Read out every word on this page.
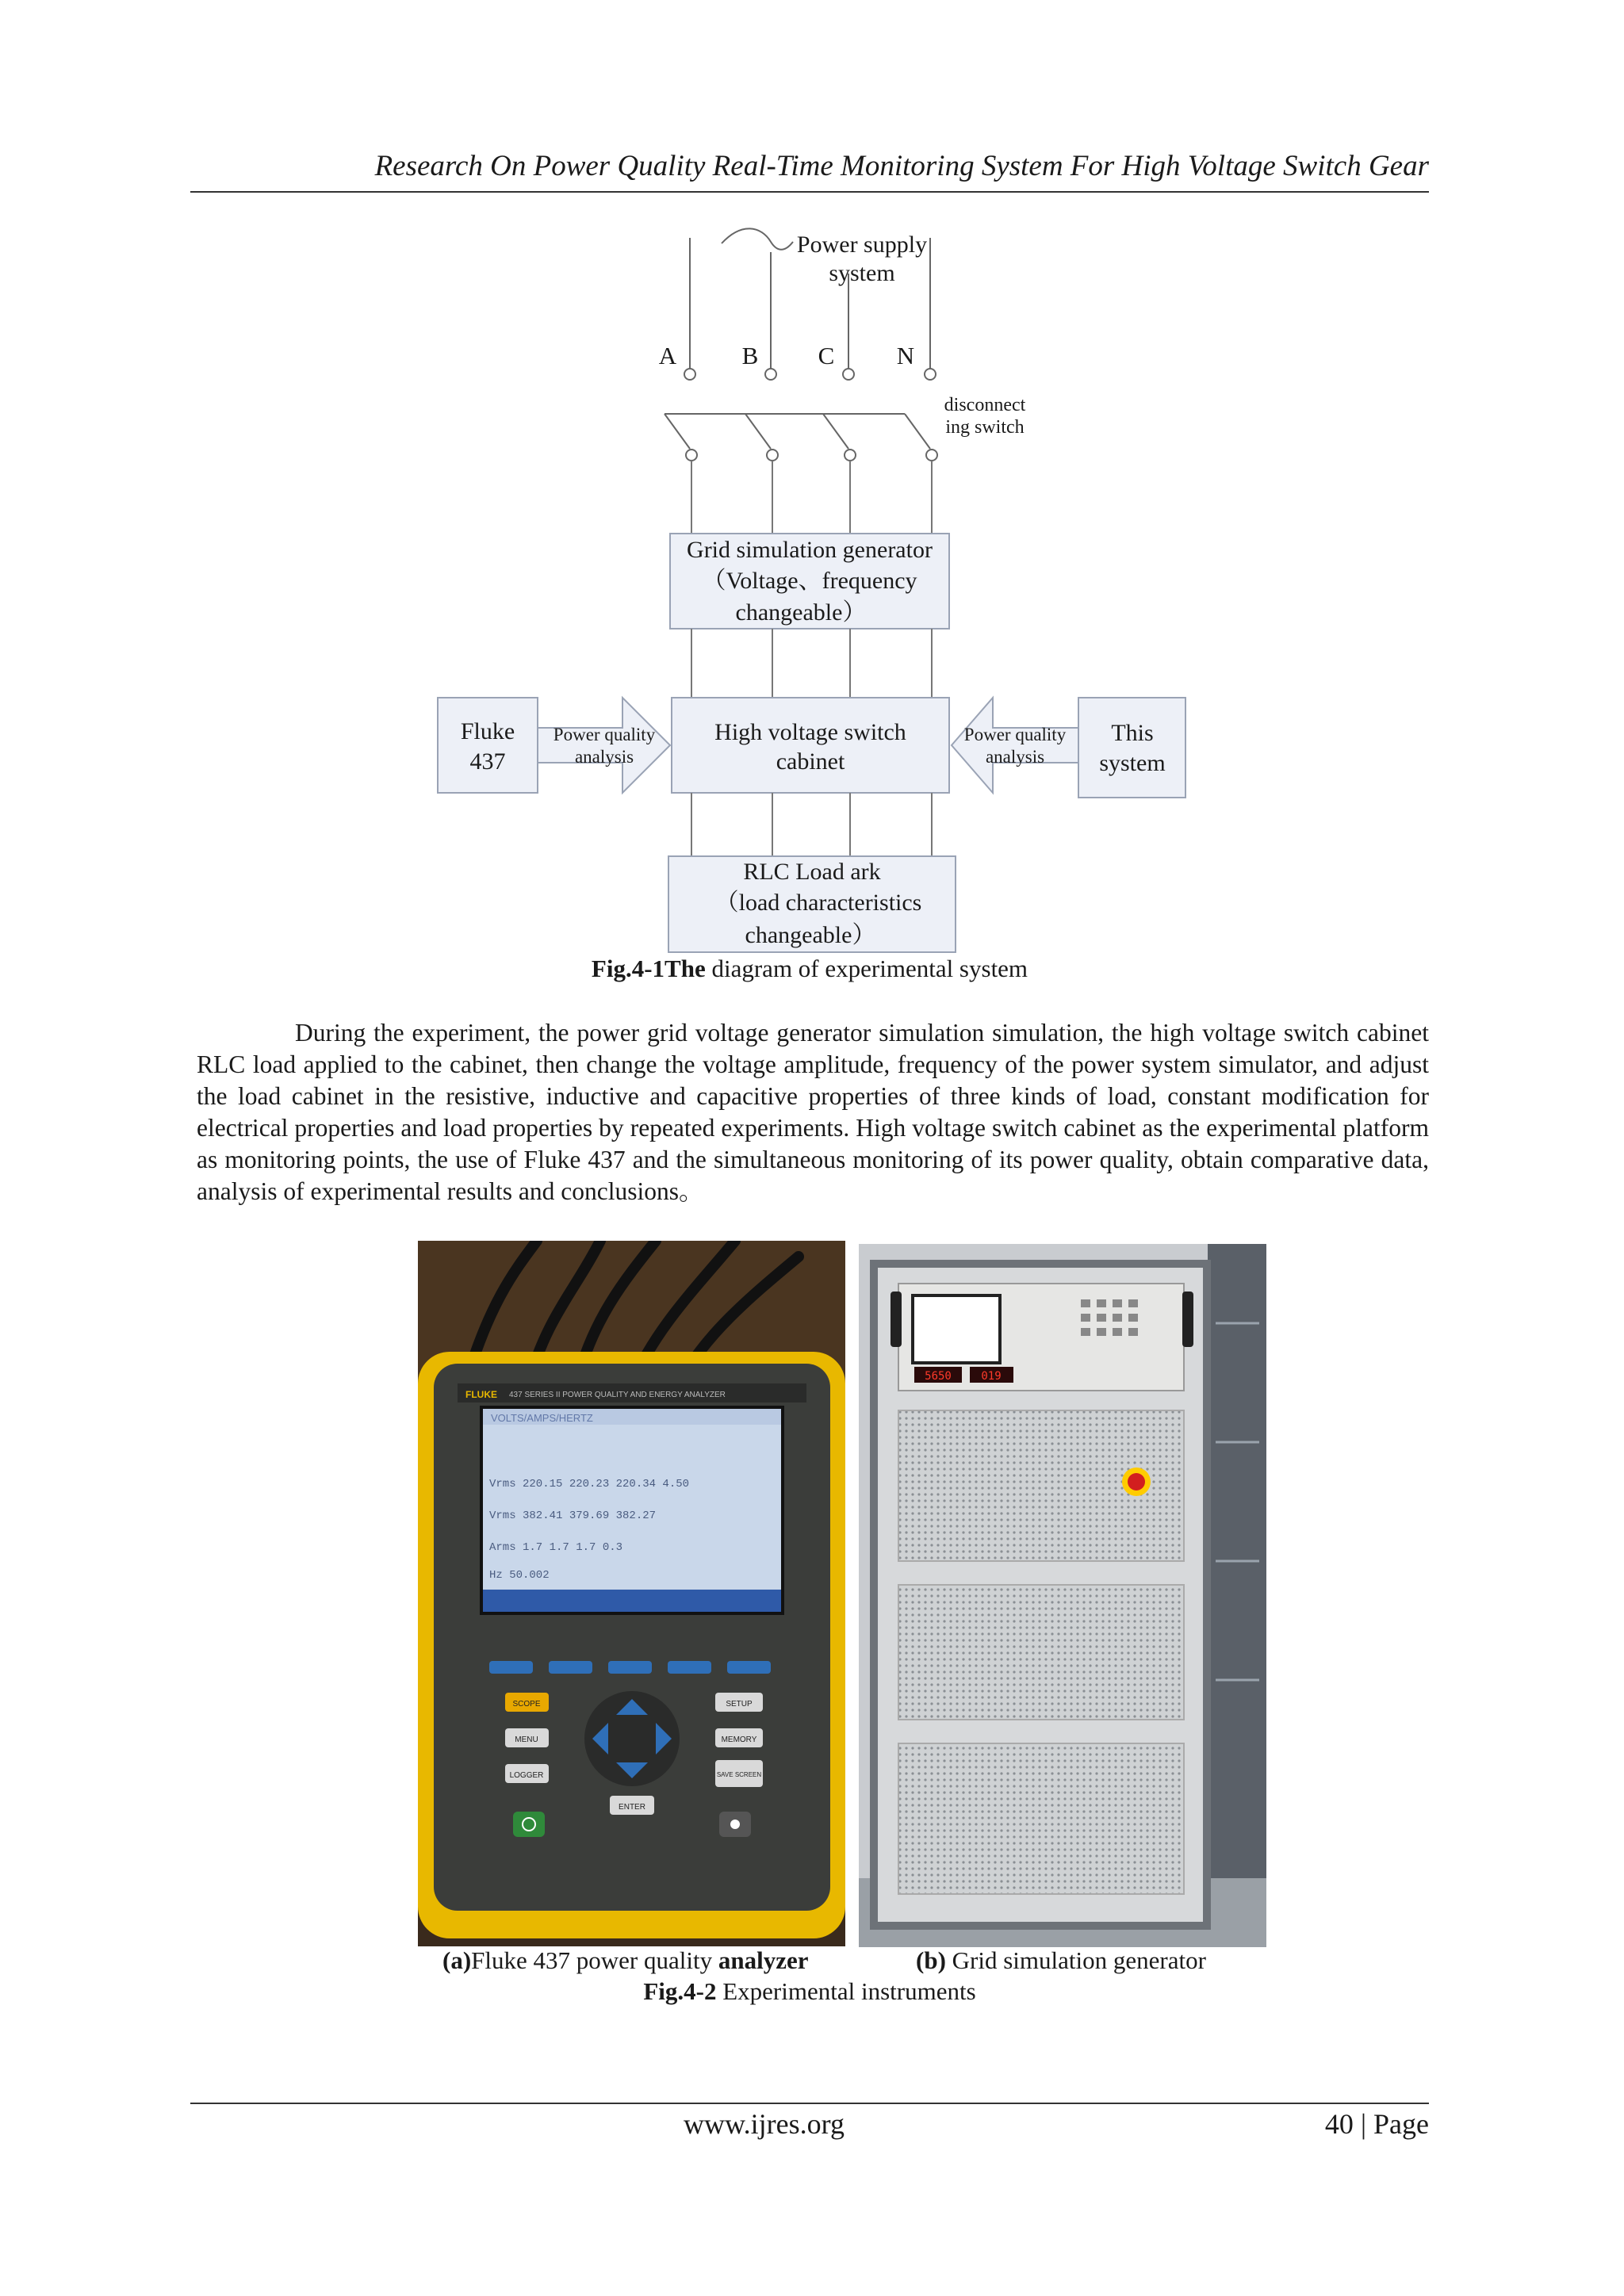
Research On Power Quality Real-Time Monitoring System For High Voltage Switch Gear
Power supply
system
A	B C	N
disconnect
ing switch
Grid simulation generator
（Voltage、frequency
changeable）
High voltage switch
cabinet
RLC Load ark
（load characteristics
changeable）
Fluke
437
Power quality
analysis
Power quality
analysis
This
system
Fig.4-1The diagram of experimental system
During the experiment, the power grid voltage generator simulation simulation, the high voltage switch cabinet RLC load applied to the cabinet, then change the voltage amplitude, frequency of the power system simulator, and adjust the load cabinet in the resistive, inductive and capacitive properties of three kinds of load, constant modification for electrical properties and load properties by repeated experiments. High voltage switch cabinet as the experimental platform as monitoring points, the use of Fluke 437 and the simultaneous monitoring of its power quality, obtain comparative data, analysis of experimental results and conclusions。
FLUKE 437 SERIES II POWER QUALITY AND ENERGY ANALYZER
VOLTS/AMPS/HERTZ
Vrms 220.15 220.23 220.34 4.50
Vrms 382.41 379.69 382.27
Arms 1.7 1.7 1.7 0.3
Hz 50.002
SCOPE
MENU
LOGGER
SETUP
MEMORY
SAVE SCREEN
ENTER
5650	019
(a)Fluke 437 power quality analyzer	(b) Grid simulation generator
Fig.4-2 Experimental instruments
www.ijres.org	40 | Page
